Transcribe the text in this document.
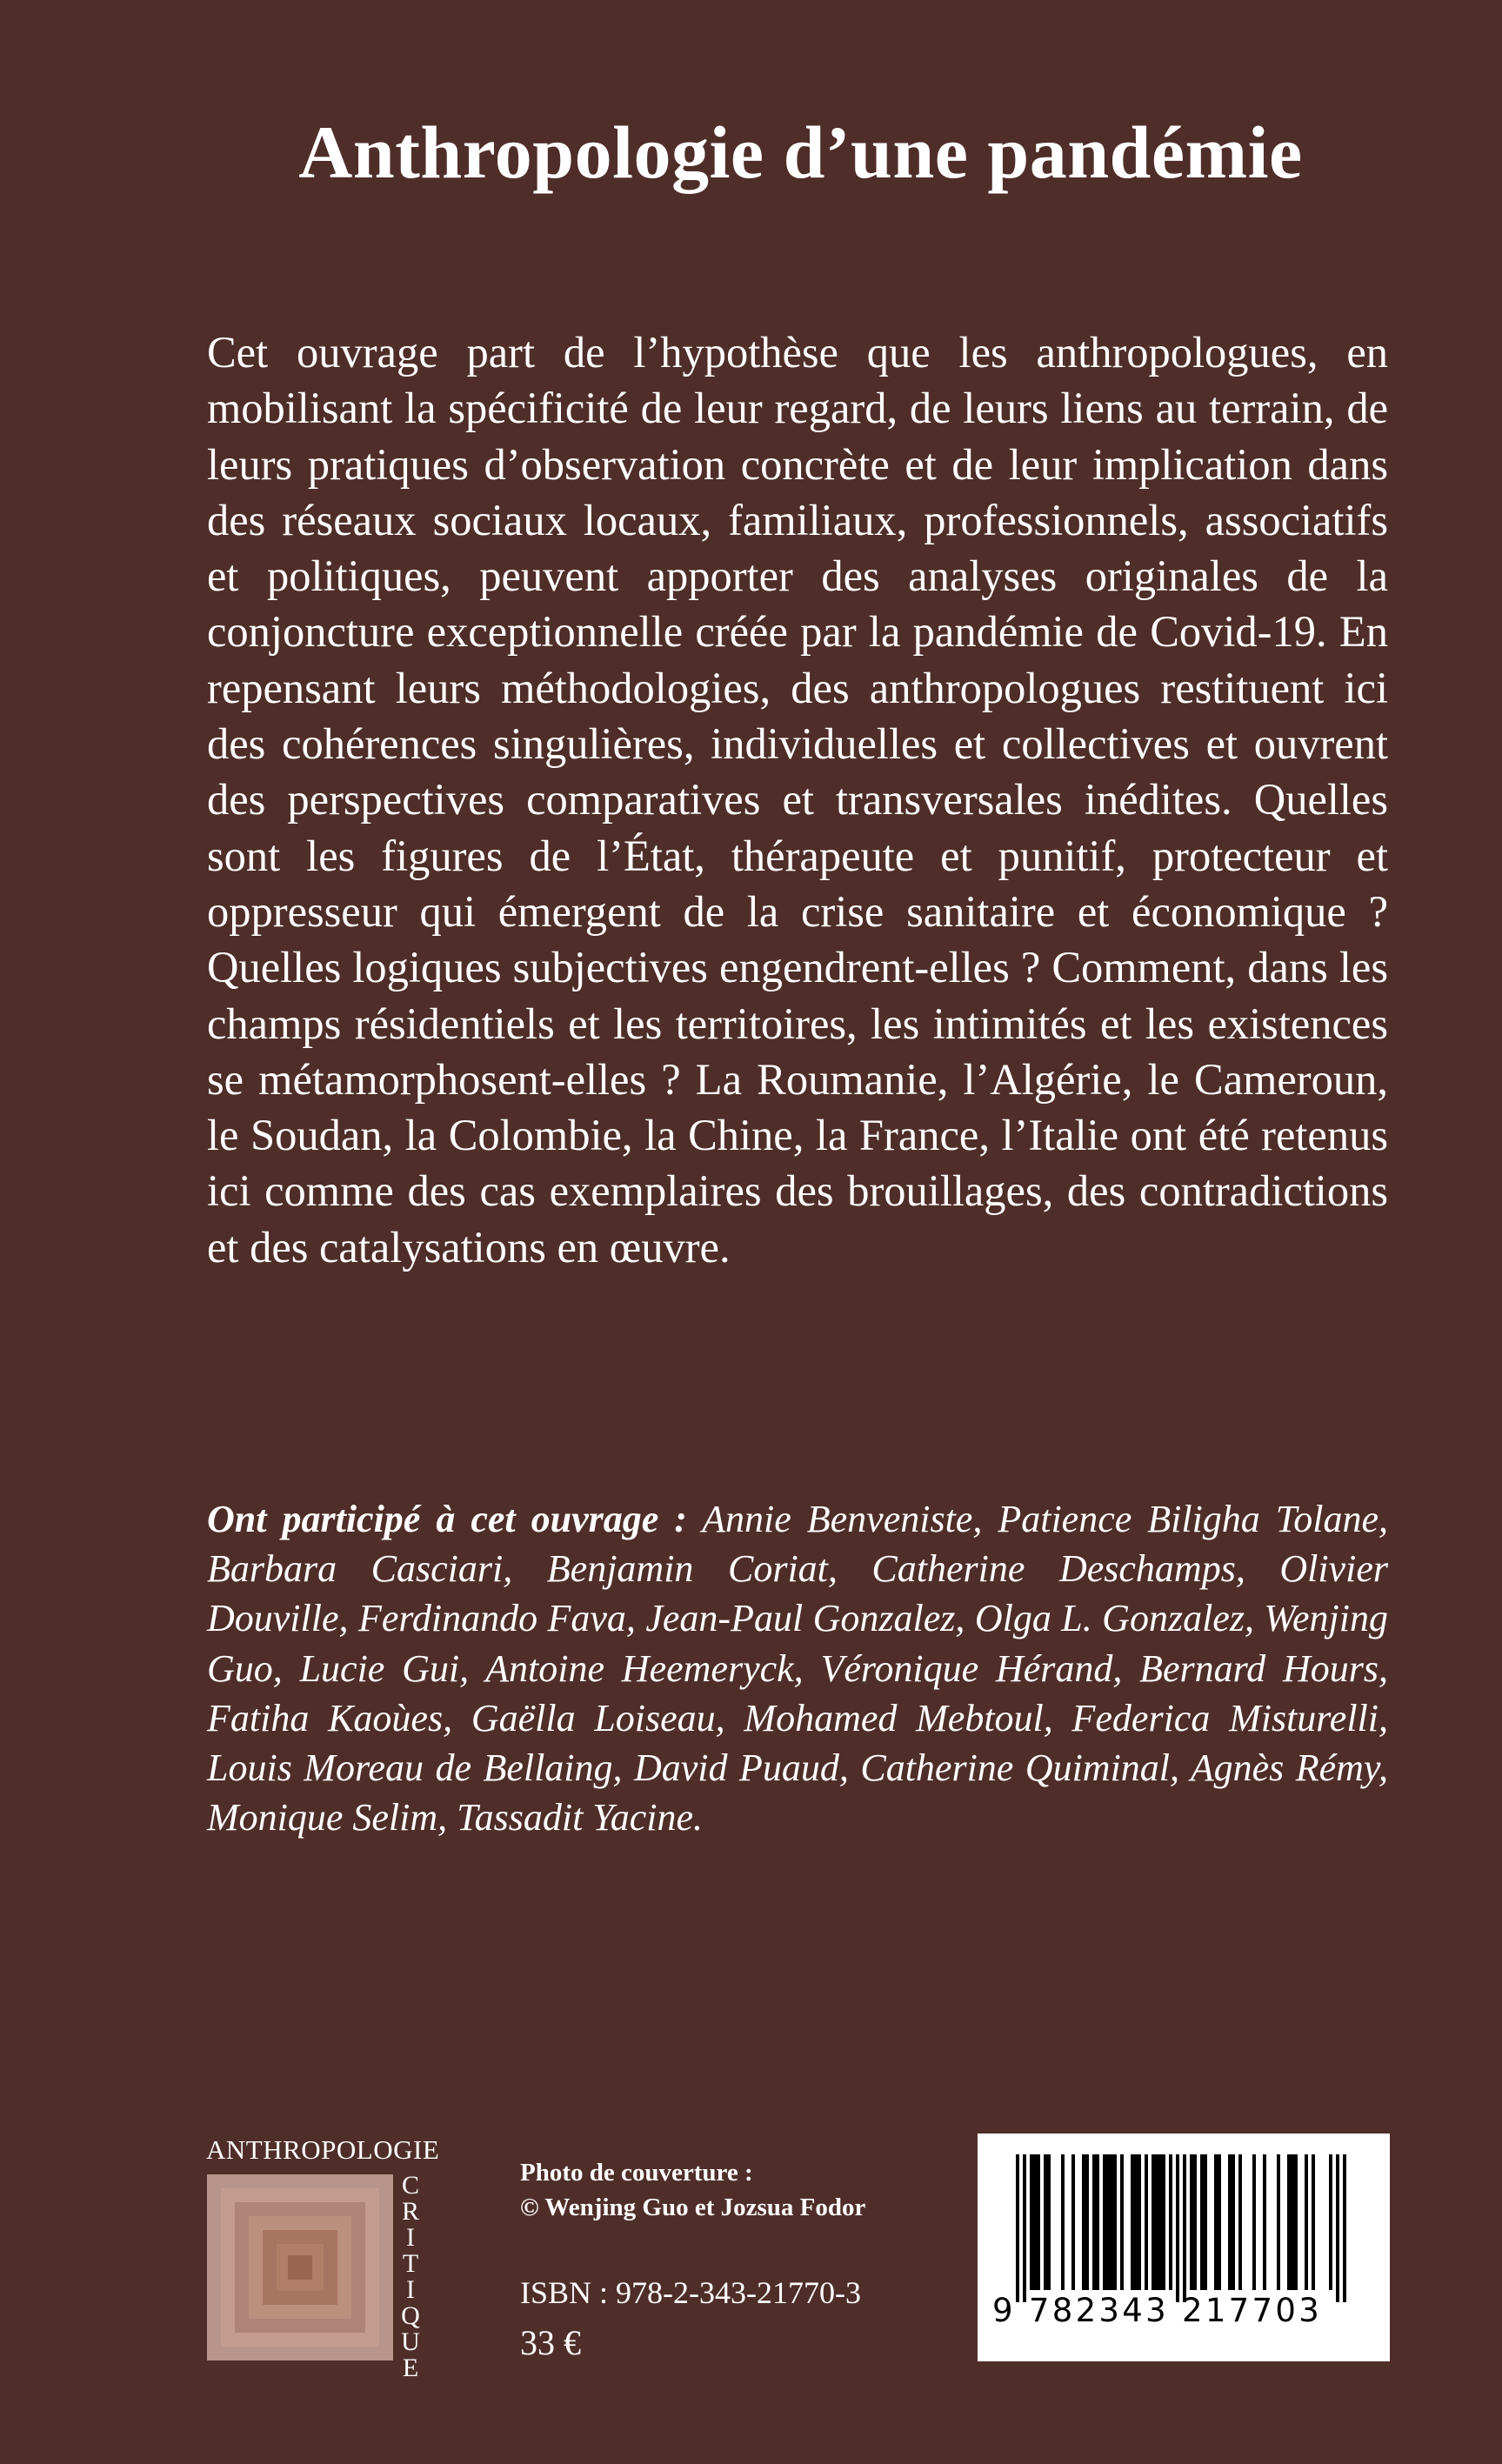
Anthropologie d’une pandémie

Cet ouvrage part de l’hypothèse que les anthropologues, en mobilisant la spécificité de leur regard, de leurs liens au terrain, de leurs pratiques d’observation concrète et de leur implication dans des réseaux sociaux locaux, familiaux, professionnels, associatifs et politiques, peuvent apporter des analyses originales de la conjoncture exceptionnelle créée par la pandémie de Covid-19. En repensant leurs méthodologies, des anthropologues restituent ici des cohérences singulières, individuelles et collectives et ouvrent des perspectives comparatives et transversales inédites. Quelles sont les figures de l’État, thérapeute et punitif, protecteur et oppresseur qui émergent de la crise sanitaire et économique ? Quelles logiques subjectives engendrent-elles ? Comment, dans les champs résidentiels et les territoires, les intimités et les existences se métamorphosent-elles ? La Roumanie, l’Algérie, le Cameroun, le Soudan, la Colombie, la Chine, la France, l’Italie ont été retenus ici comme des cas exemplaires des brouillages, des contradictions et des catalysations en œuvre.

Ont participé à cet ouvrage : Annie Benveniste, Patience Biligha Tolane, Barbara Casciari, Benjamin Coriat, Catherine Deschamps, Olivier Douville, Ferdinando Fava, Jean-Paul Gonzalez, Olga L. Gonzalez, Wenjing Guo, Lucie Gui, Antoine Heemeryck, Véronique Hérand, Bernard Hours, Fatiha Kaoùes, Gaëlla Loiseau, Mohamed Mebtoul, Federica Misturelli, Louis Moreau de Bellaing, David Puaud, Catherine Quiminal, Agnès Rémy, Monique Selim, Tassadit Yacine.

ANTHROPOLOGIE
C
R
I
T
I
Q
U
E
Photo de couverture :
© Wenjing Guo et Jozsua Fodor
ISBN : 978-2-343-21770-3
33 €
9 782343 217703
